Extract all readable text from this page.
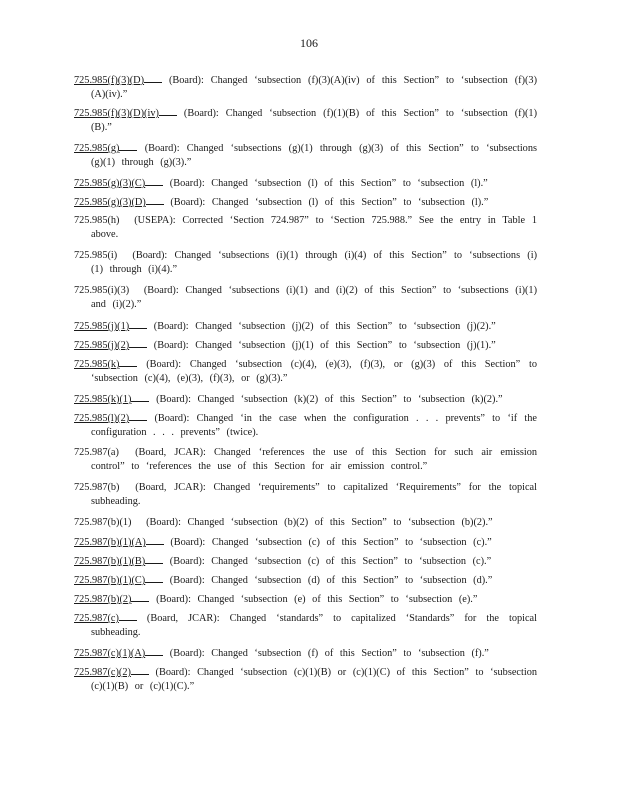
106

725.985(f)(3)(D) (Board): Changed ‘subsection (f)(3)(A)(iv) of this Section” to ‘subsection (f)(3)(A)(iv).”

725.985(f)(3)(D)(iv) (Board): Changed ‘subsection (f)(1)(B) of this Section” to ‘subsection (f)(1)(B).”

725.985(g) (Board): Changed ‘subsections (g)(1) through (g)(3) of this Section” to ‘subsections (g)(1) through (g)(3).”

725.985(g)(3)(C) (Board): Changed ‘subsection (l) of this Section” to ‘subsection (l).”

725.985(g)(3)(D) (Board): Changed ‘subsection (l) of this Section” to ‘subsection (l).”

725.985(h) (USEPA): Corrected ‘Section 724.987” to ‘Section 725.988.” See the entry in Table 1 above.

725.985(i) (Board): Changed ‘subsections (i)(1) through (i)(4) of this Section” to ‘subsections (i)(1) through (i)(4).”

725.985(i)(3) (Board): Changed ‘subsections (i)(1) and (i)(2) of this Section” to ‘subsections (i)(1) and (i)(2).”

725.985(j)(1) (Board): Changed ‘subsection (j)(2) of this Section” to ‘subsection (j)(2).”

725.985(j)(2) (Board): Changed ‘subsection (j)(1) of this Section” to ‘subsection (j)(1).”

725.985(k)	(Board): Changed ‘subsection (c)(4), (e)(3), (f)(3), or (g)(3) of this Section” to ‘subsection (c)(4), (e)(3), (f)(3), or (g)(3).”

725.985(k)(1) (Board): Changed ‘subsection (k)(2) of this Section” to ‘subsection (k)(2).”

725.985(l)(2) (Board): Changed ‘in the case when the configuration . . . prevents” to ‘if the configuration . . . prevents” (twice).

725.987(a) (Board, JCAR): Changed ‘references the use of this Section for such air emission control” to ‘references the use of this Section for air emission control.”

725.987(b) (Board, JCAR): Changed ‘requirements” to capitalized ‘Requirements” for the topical subheading.

725.987(b)(1) (Board): Changed ‘subsection (b)(2) of this Section” to ‘subsection (b)(2).”

725.987(b)(1)(A) (Board): Changed ‘subsection (c) of this Section” to ‘subsection (c).”

725.987(b)(1)(B) (Board): Changed ‘subsection (c) of this Section” to ‘subsection (c).”

725.987(b)(1)(C) (Board): Changed ‘subsection (d) of this Section” to ‘subsection (d).”

725.987(b)(2) (Board): Changed ‘subsection (e) of this Section” to ‘subsection (e).”

725.987(c)	(Board, JCAR): Changed ‘standards” to capitalized ‘Standards” for the topical subheading.

725.987(c)(1)(A) (Board): Changed ‘subsection (f) of this Section” to ‘subsection (f).”

725.987(c)(2) (Board): Changed ‘subsection (c)(1)(B) or (c)(1)(C) of this Section” to ‘subsection (c)(1)(B) or (c)(1)(C).”
